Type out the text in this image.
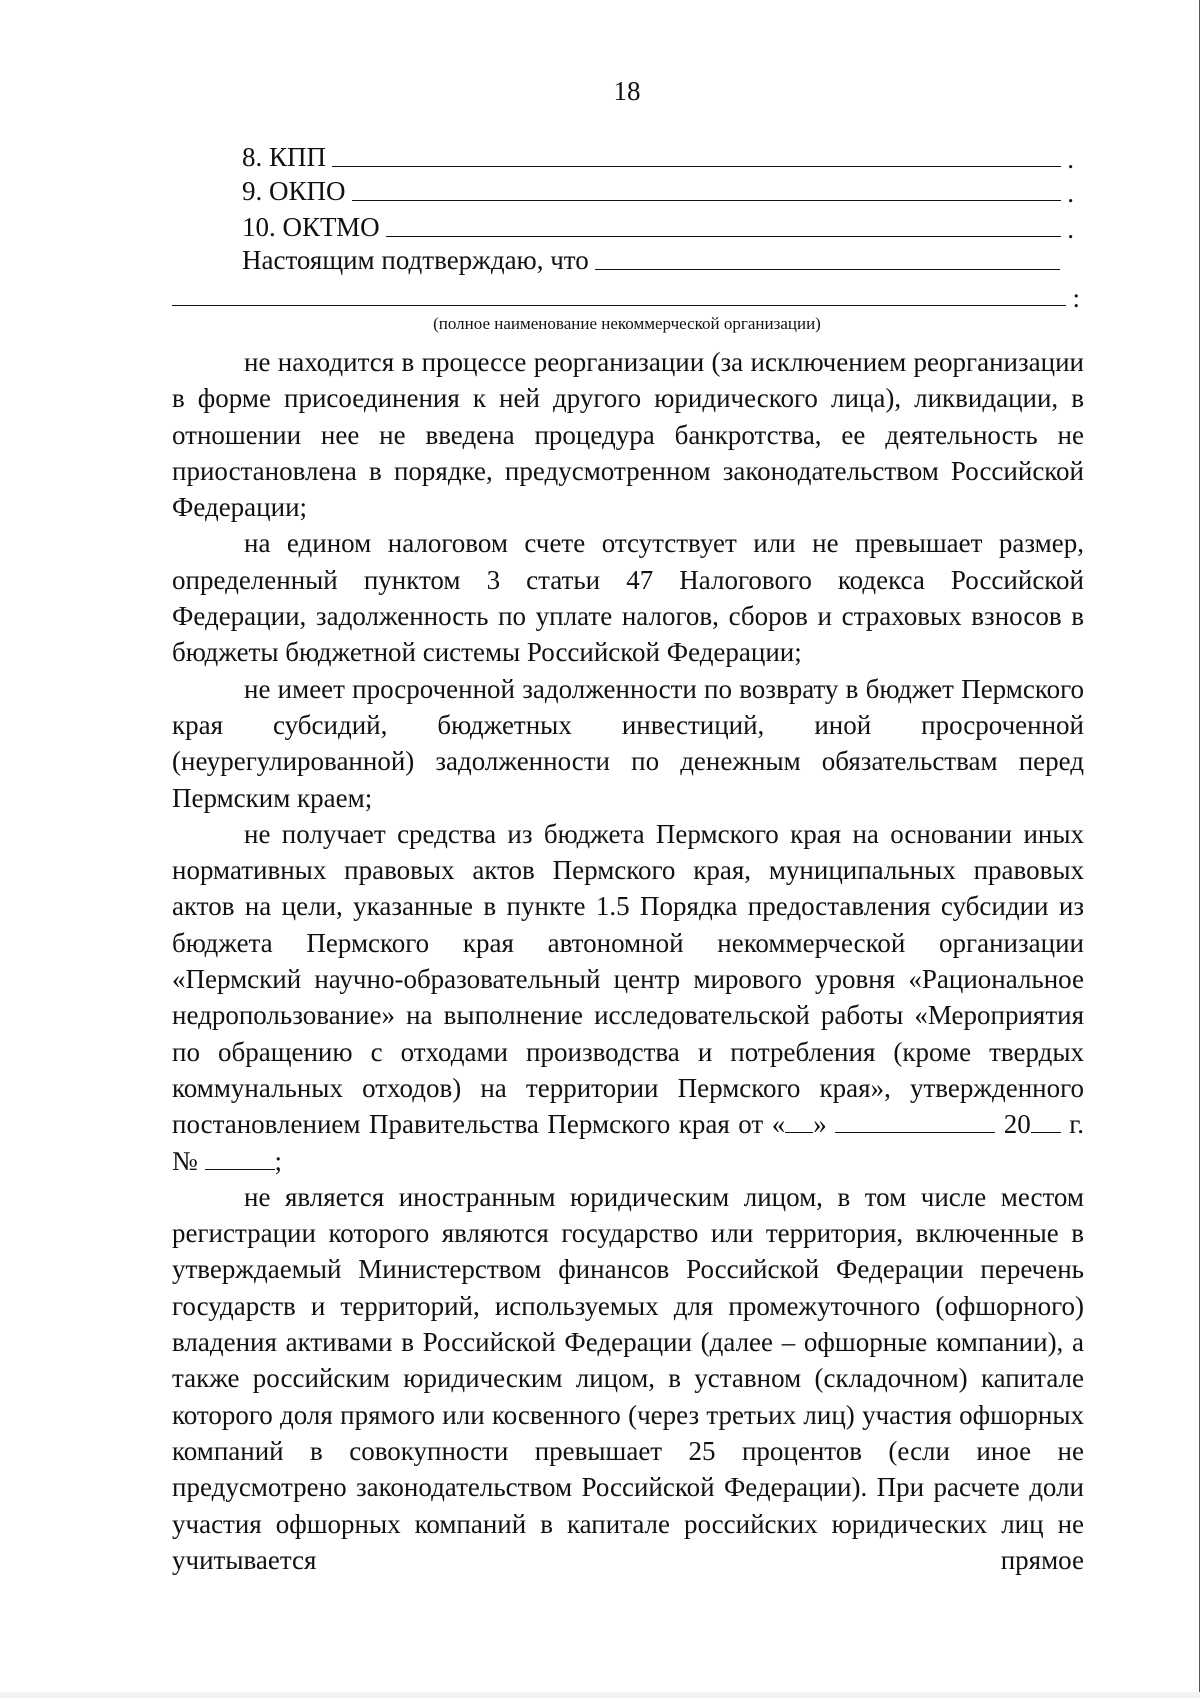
18
8. КПП	.
9. ОКПО	.
10. ОКТМО	.
Настоящим подтверждаю, что
:
(полное наименование некоммерческой организации)

не находится в процессе реорганизации (за исключением реорганизации в форме присоединения к ней другого юридического лица), ликвидации, в отношении нее не введена процедура банкротства, ее деятельность не приостановлена в порядке, предусмотренном законодательством Российской Федерации;

на едином налоговом счете отсутствует или не превышает размер, определенный пунктом 3 статьи 47 Налогового кодекса Российской Федерации, задолженность по уплате налогов, сборов и страховых взносов в бюджеты бюджетной системы Российской Федерации;

не имеет просроченной задолженности по возврату в бюджет Пермского края субсидий, бюджетных инвестиций, иной просроченной (неурегулированной) задолженности по денежным обязательствам перед Пермским краем;

не получает средства из бюджета Пермского края на основании иных нормативных правовых актов Пермского края, муниципальных правовых актов на цели, указанные в пункте 1.5 Порядка предоставления субсидии из бюджета Пермского края автономной некоммерческой организации «Пермский научно-образовательный центр мирового уровня «Рациональное недропользование» на выполнение исследовательской работы «Мероприятия по обращению с отходами производства и потребления (кроме твердых коммунальных отходов) на территории Пермского края», утвержденного постановлением Правительства Пермского края от « »	20 г. №	;

не является иностранным юридическим лицом, в том числе местом регистрации которого являются государство или территория, включенные в утверждаемый Министерством финансов Российской Федерации перечень государств и территорий, используемых для промежуточного (офшорного) владения активами в Российской Федерации (далее – офшорные компании), а также российским юридическим лицом, в уставном (складочном) капитале которого доля прямого или косвенного (через третьих лиц) участия офшорных компаний в совокупности превышает 25 процентов (если иное не предусмотрено законодательством Российской Федерации). При расчете доли участия офшорных компаний в капитале российских юридических лиц не учитывается прямое
